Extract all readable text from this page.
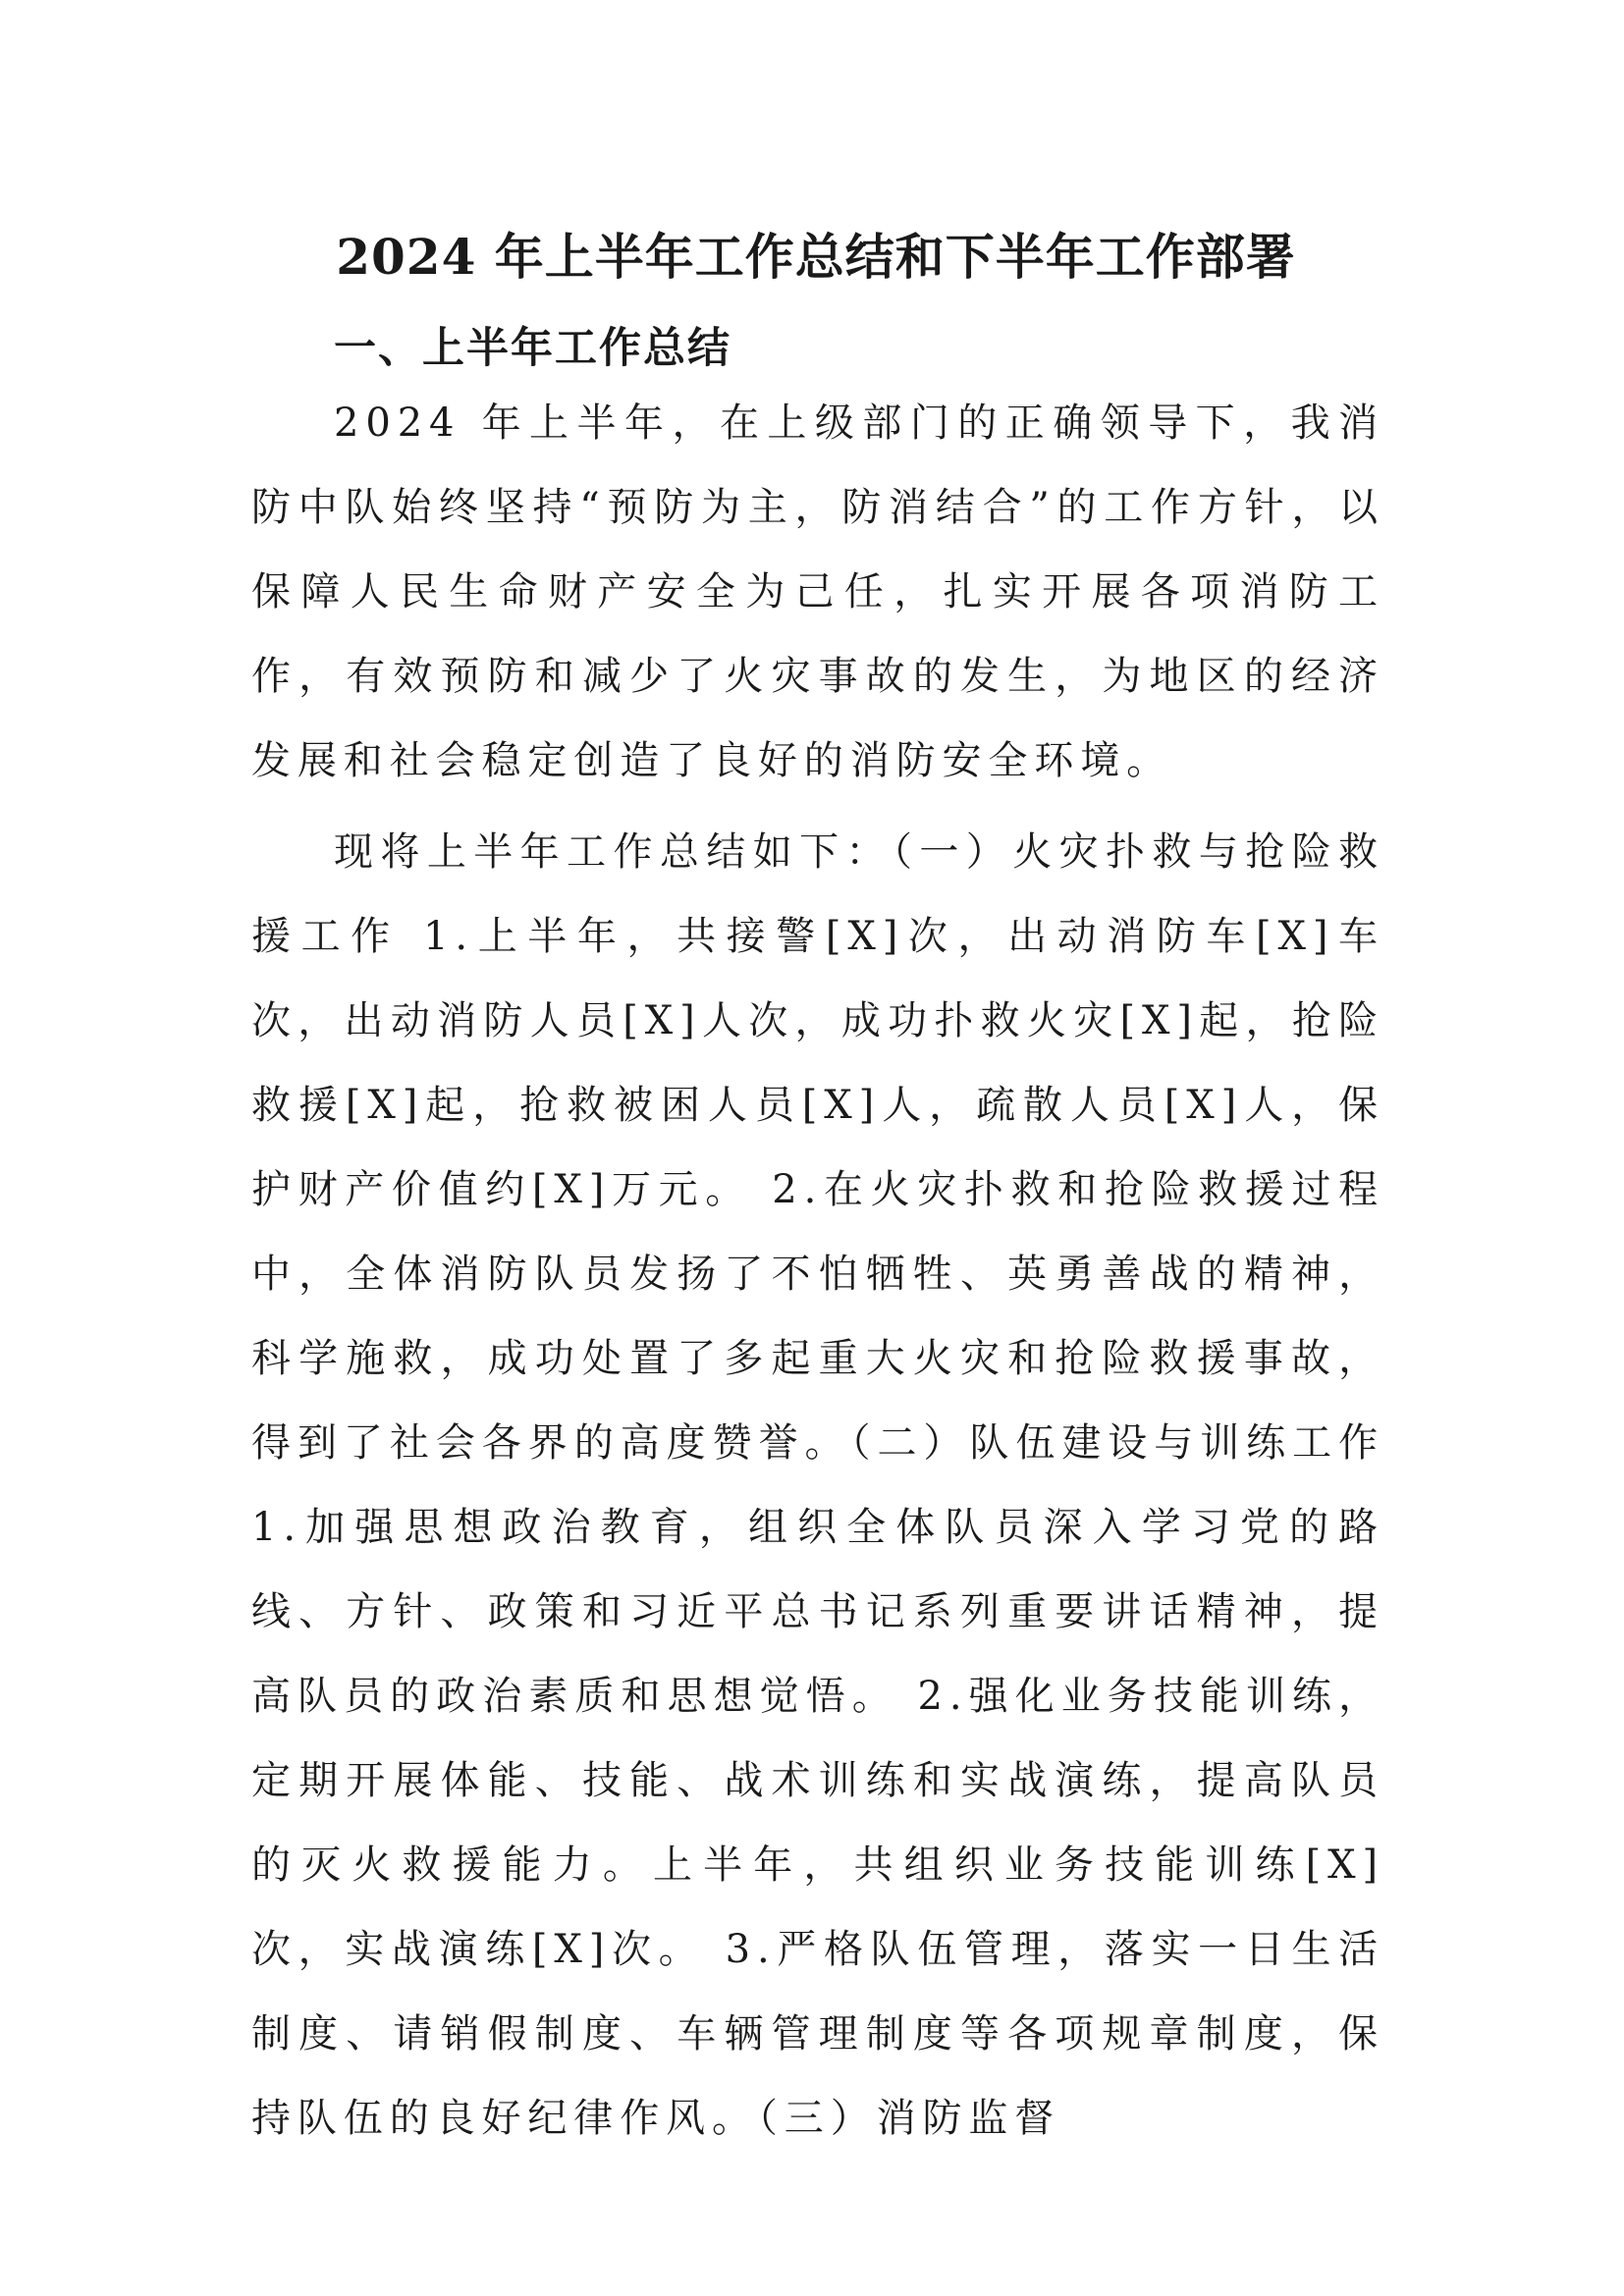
2024 年上半年工作总结和下半年工作部署
一、上半年工作总结

2024 年上半年，在上级部门的正确领导下，我消防中队始终坚持“预防为主，防消结合”的工作方针，以保障人民生命财产安全为己任，扎实开展各项消防工作，有效预防和减少了火灾事故的发生，为地区的经济发展和社会稳定创造了良好的消防安全环境。

现将上半年工作总结如下：（一）火灾扑救与抢险救援工作 1.上半年，共接警[X]次，出动消防车[X]车次，出动消防人员[X]人次，成功扑救火灾[X]起，抢险救援[X]起，抢救被困人员[X]人，疏散人员[X]人，保护财产价值约[X]万元。 2.在火灾扑救和抢险救援过程中，全体消防队员发扬了不怕牺牲、英勇善战的精神，科学施救，成功处置了多起重大火灾和抢险救援事故，得到了社会各界的高度赞誉。（二）队伍建设与训练工作 1.加强思想政治教育，组织全体队员深入学习党的路线、方针、政策和习近平总书记系列重要讲话精神，提高队员的政治素质和思想觉悟。 2.强化业务技能训练，定期开展体能、技能、战术训练和实战演练，提高队员的灭火救援能力。上半年，共组织业务技能训练[X]次，实战演练[X]次。 3.严格队伍管理，落实一日生活制度、请销假制度、车辆管理制度等各项规章制度，保持队伍的良好纪律作风。（三）消防监督
